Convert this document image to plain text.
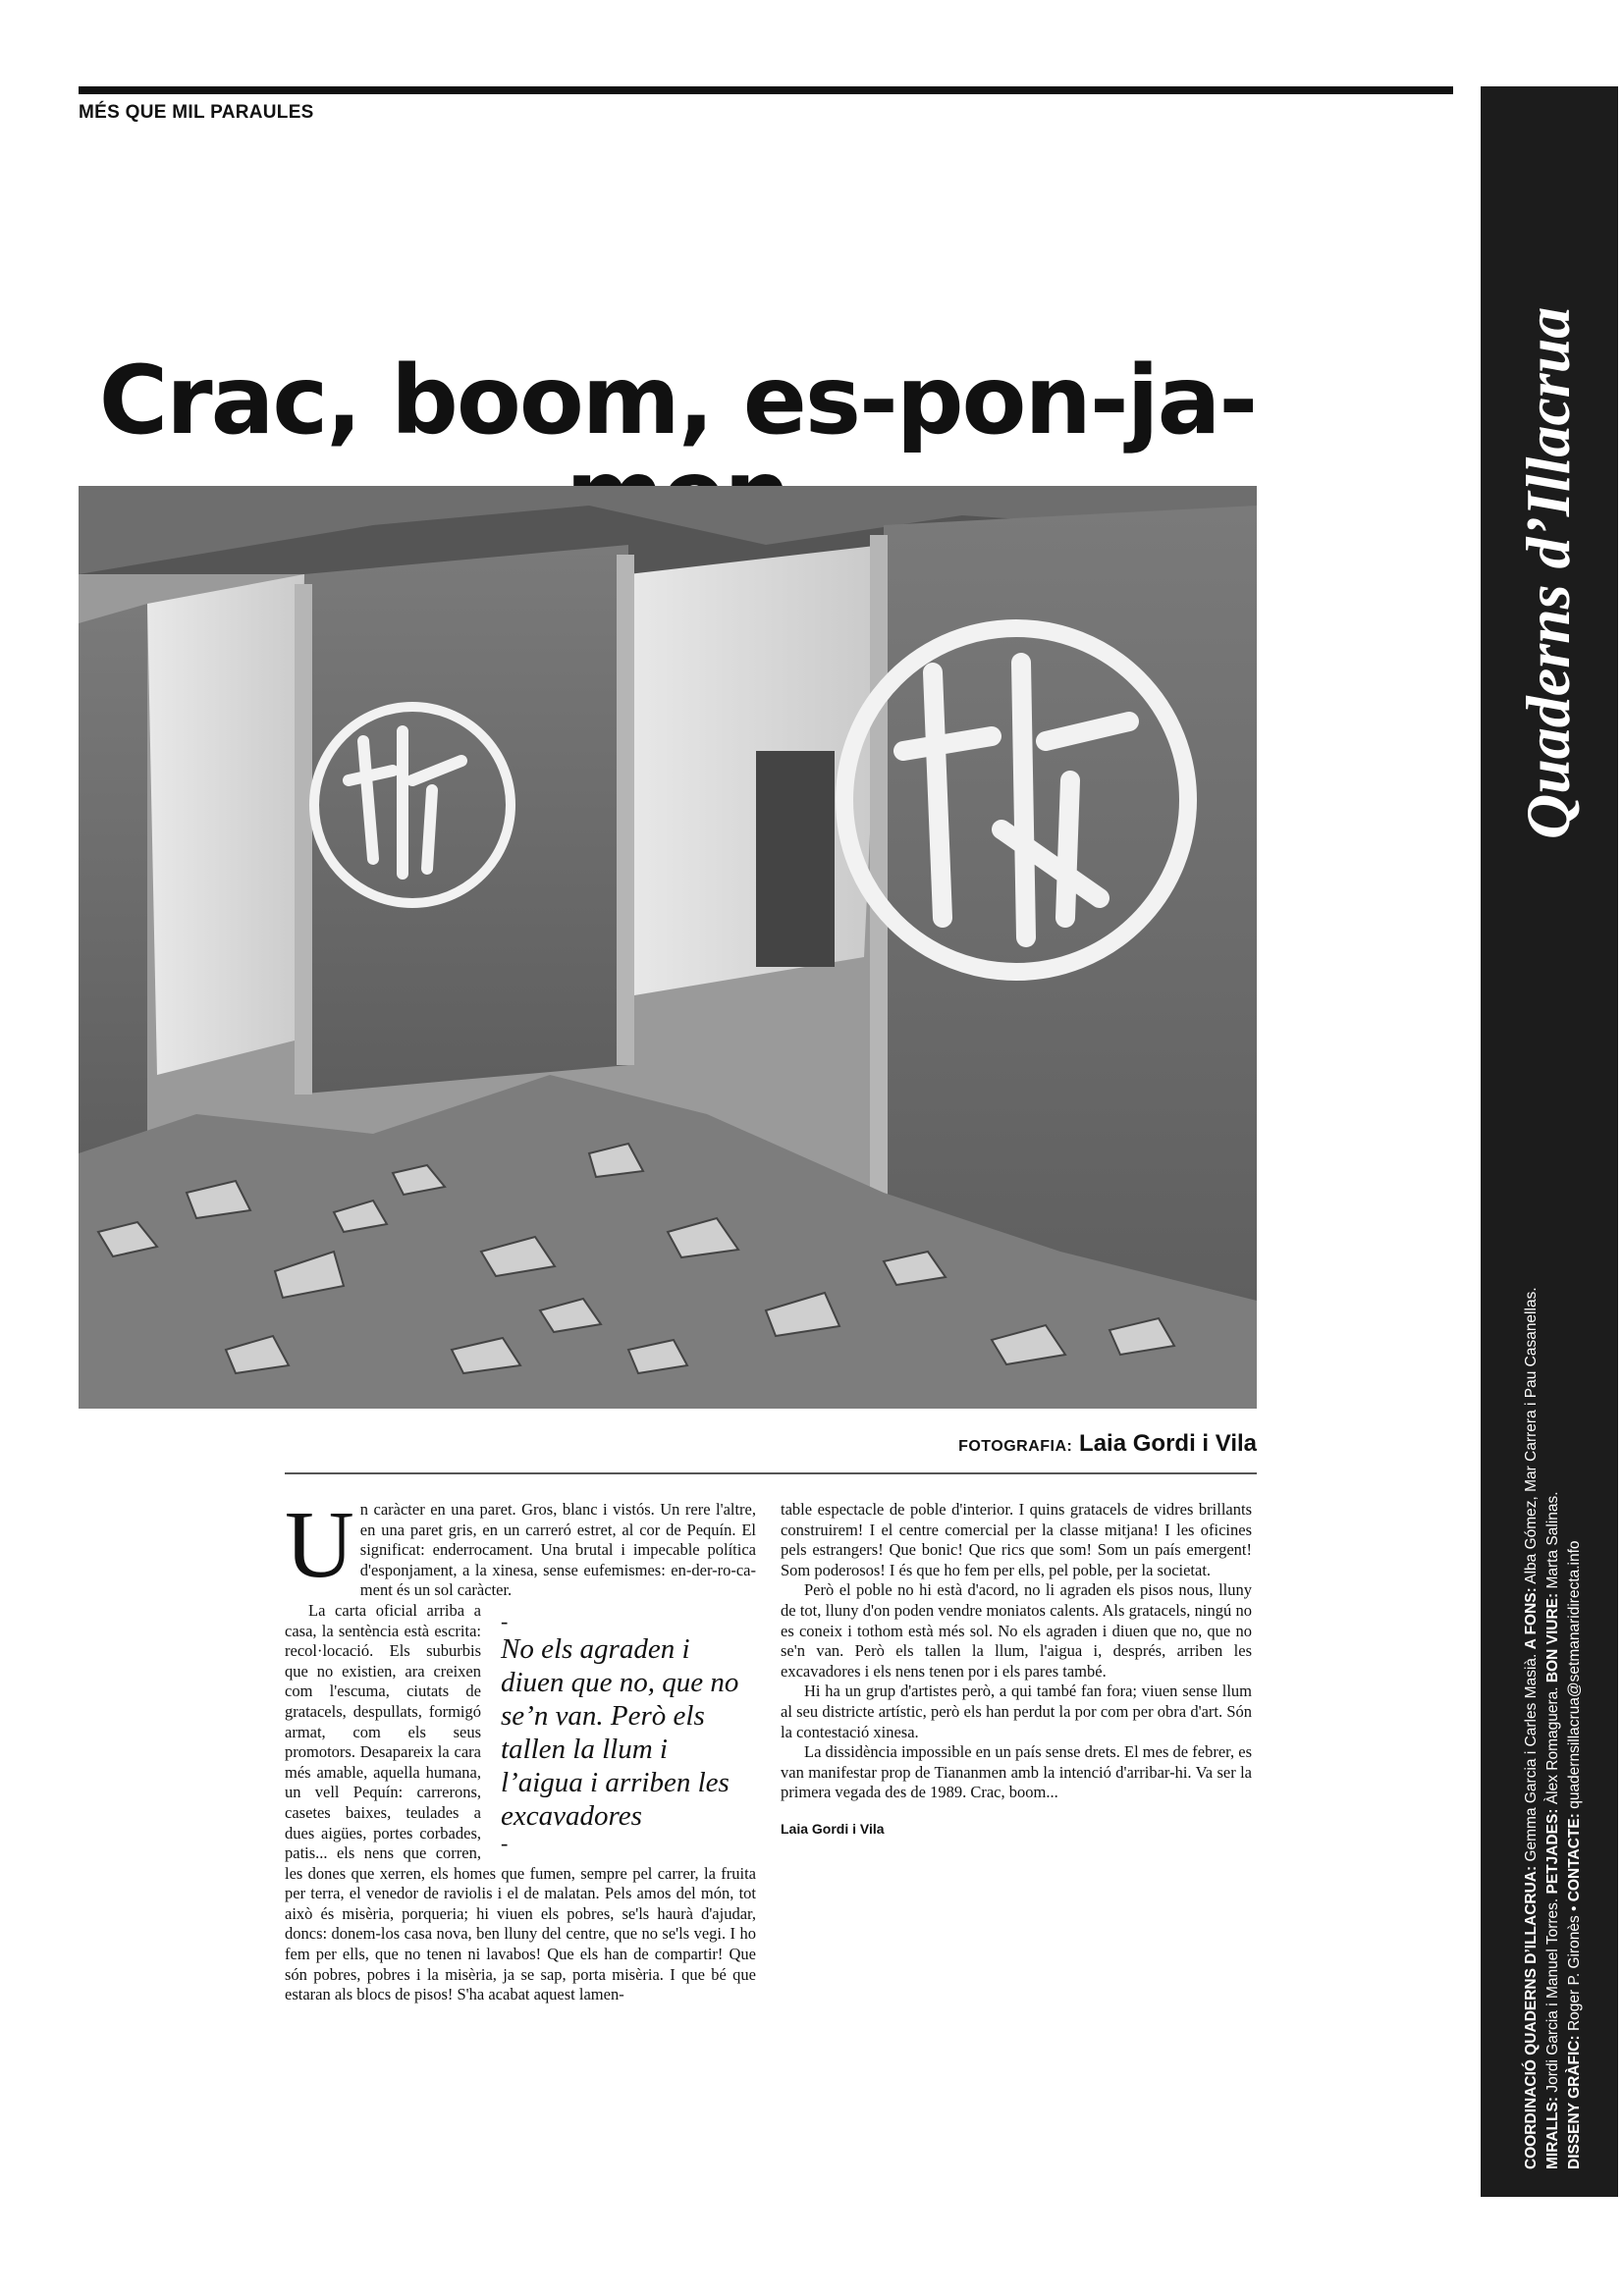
MÉS QUE MIL PARAULES
Crac, boom, es-pon-ja-
FOTOGRAFIA: Laia Gordi i Vila
U n caràcter en una paret. Gros, blanc i vistós. Un rere l'altre, en una paret gris, en un carreró estret, al cor de Pequín. El significat: enderrocament. Una brutal i impecable política d'esponjament, a la xinesa, sense eufemismes: en-der-ro-ca-ment és un sol caràcter.

-
No els agraden i diuen que no, que no se’n van. Però els tallen la llum i l’aigua i arriben les excavadores
-

La carta oficial arriba a casa, la sentència està escrita: recol·locació. Els suburbis que no existien, ara creixen com l'escuma, ciutats de gratacels, despullats, formigó armat, com els seus promotors. Desapareix la cara més amable, aquella humana, un vell Pequín: carrerons, casetes baixes, teulades a dues aigües, portes corbades, patis... els nens que corren, les dones que xerren, els homes que fumen, sempre pel carrer, la fruita per terra, el venedor de raviolis i el de malatan. Pels amos del món, tot això és misèria, porqueria; hi viuen els pobres, se'ls haurà d'ajudar, doncs: donem-los casa nova, ben lluny del centre, que no se'ls vegi. I ho fem per ells, que no tenen ni lavabos! Que els han de compartir! Que són pobres, pobres i la misèria, ja se sap, porta misèria. I que bé que estaran als blocs de pisos! S'ha acabat aquest lamen-

table espectacle de poble d'interior. I quins gratacels de vidres brillants construirem! I el centre comercial per la classe mitjana! I les oficines pels estrangers! Que bonic! Que rics que som! Som un país emergent! Som poderosos! I és que ho fem per ells, pel poble, per la societat.

Però el poble no hi està d'acord, no li agraden els pisos nous, lluny de tot, lluny d'on poden vendre moniatos calents. Als gratacels, ningú no es coneix i tothom està més sol. No els agraden i diuen que no, que no se'n van. Però els tallen la llum, l'aigua i, després, arriben les excavadores i els nens tenen por i els pares també.

Hi ha un grup d'artistes però, a qui també fan fora; viuen sense llum al seu districte artístic, però els han perdut la por com per obra d'art. Són la contestació xinesa.

La dissidència impossible en un país sense drets. El mes de febrer, es van manifestar prop de Tiananmen amb la intenció d'arribar-hi. Va ser la primera vegada des de 1989. Crac, boom...

Laia Gordi i Vila
Quaderns d’Illacrua
COORDINACIÓ QUADERNS D’ILLACRUA: Gemma Garcia i Carles Masià. A FONS: Alba Gómez, Mar Carrera i Pau Casanellas.
MIRALLS: Jordi Garcia i Manuel Torres. PETJADES: Àlex Romaguera. BON VIURE: Marta Salinas.
DISSENY GRÀFIC: Roger P. Gironès • CONTACTE: quadernsillacrua@setmanaridirecta.info
